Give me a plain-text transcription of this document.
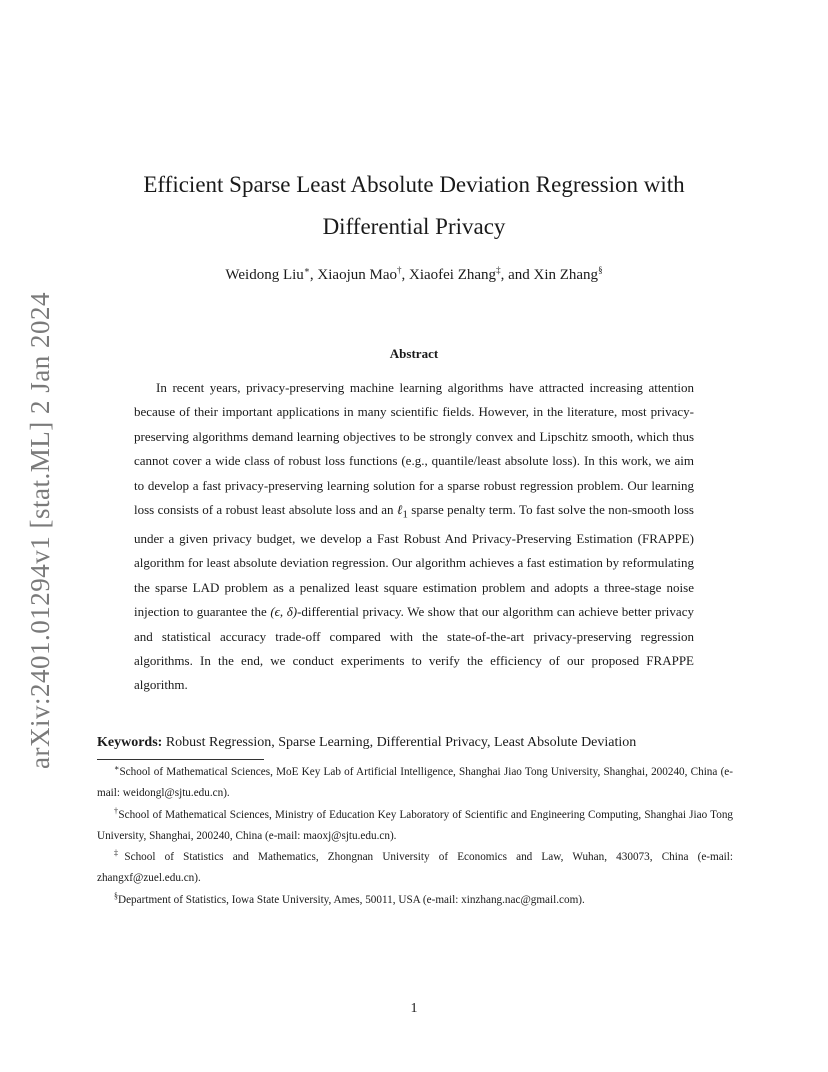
arXiv:2401.01294v1 [stat.ML] 2 Jan 2024
Efficient Sparse Least Absolute Deviation Regression with
Differential Privacy
Weidong Liu∗, Xiaojun Mao†, Xiaofei Zhang‡, and Xin Zhang§
Abstract

In recent years, privacy-preserving machine learning algorithms have attracted increasing attention because of their important applications in many scientific fields. However, in the literature, most privacy-preserving algorithms demand learning objectives to be strongly convex and Lipschitz smooth, which thus cannot cover a wide class of robust loss functions (e.g., quantile/least absolute loss). In this work, we aim to develop a fast privacy-preserving learning solution for a sparse robust regression problem. Our learning loss consists of a robust least absolute loss and an ℓ$_1$ sparse penalty term. To fast solve the non-smooth loss under a given privacy budget, we develop a Fast Robust And Privacy-Preserving Estimation (FRAPPE) algorithm for least absolute deviation regression. Our algorithm achieves a fast estimation by reformulating the sparse LAD problem as a penalized least square estimation problem and adopts a three-stage noise injection to guarantee the (ϵ, δ)-differential privacy. We show that our algorithm can achieve better privacy and statistical accuracy trade-off compared with the state-of-the-art privacy-preserving regression algorithms. In the end, we conduct experiments to verify the efficiency of our proposed FRAPPE algorithm.

Keywords: Robust Regression, Sparse Learning, Differential Privacy, Least Absolute Deviation

∗School of Mathematical Sciences, MoE Key Lab of Artificial Intelligence, Shanghai Jiao Tong University, Shanghai, 200240, China (e-mail: weidongl@sjtu.edu.cn).

†School of Mathematical Sciences, Ministry of Education Key Laboratory of Scientific and Engineering Computing, Shanghai Jiao Tong University, Shanghai, 200240, China (e-mail: maoxj@sjtu.edu.cn).

‡School of Statistics and Mathematics, Zhongnan University of Economics and Law, Wuhan, 430073, China (e-mail: zhangxf@zuel.edu.cn).

§Department of Statistics, Iowa State University, Ames, 50011, USA (e-mail: xinzhang.nac@gmail.com).

1
